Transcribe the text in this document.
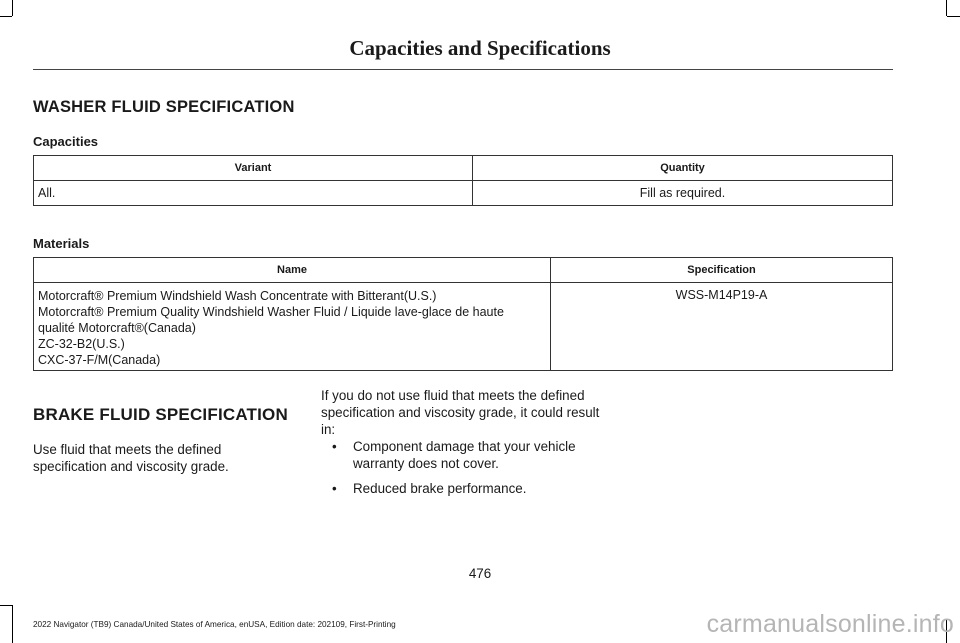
Capacities and Specifications
WASHER FLUID SPECIFICATION
Capacities
Variant	Quantity
All.	Fill as required.
Materials
Name	Specification

Motorcraft® Premium Windshield Wash Concentrate with Bitterant(U.S.)
Motorcraft® Premium Quality Windshield Washer Fluid / Liquide lave-glace de haute
qualité Motorcraft®(Canada)
ZC-32-B2(U.S.)
CXC-37-F/M(Canada)	WSS-M14P19-A
BRAKE FLUID SPECIFICATION
Use fluid that meets the defined specification and viscosity grade.
If you do not use fluid that meets the defined specification and viscosity grade, it could result in:
• Component damage that your vehicle warranty does not cover.
• Reduced brake performance.
476
2022 Navigator (TB9) Canada/United States of America, enUSA, Edition date: 202109, First-Printing	carmanualsonline.info
